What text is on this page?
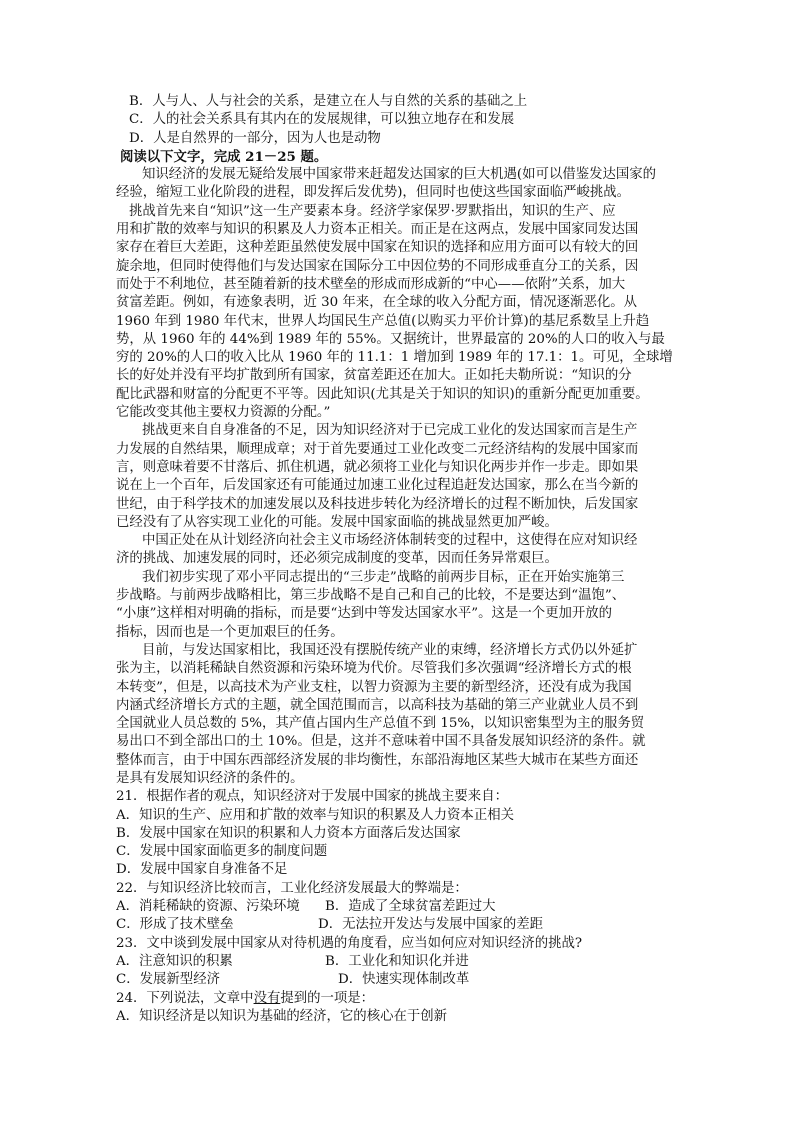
B．人与人、人与社会的关系，是建立在人与自然的关系的基础之上
C．人的社会关系具有其内在的发展规律，可以独立地存在和发展
D．人是自然界的一部分，因为人也是动物
阅读以下文字，完成 21－25 题。
知识经济的发展无疑给发展中国家带来赶超发达国家的巨大机遇(如可以借鉴发达国家的
经验，缩短工业化阶段的进程，即发挥后发优势)，但同时也使这些国家面临严峻挑战。
挑战首先来自“知识”这一生产要素本身。经济学家保罗·罗默指出，知识的生产、应
用和扩散的效率与知识的积累及人力资本正相关。而正是在这两点，发展中国家同发达国
家存在着巨大差距，这种差距虽然使发展中国家在知识的选择和应用方面可以有较大的回
旋余地，但同时使得他们与发达国家在国际分工中因位势的不同形成垂直分工的关系，因
而处于不利地位，甚至随着新的技术壁垒的形成而形成新的“中心——依附”关系，加大
贫富差距。例如，有迹象表明，近 30 年来，在全球的收入分配方面，情况逐渐恶化。从
1960 年到 1980 年代末，世界人均国民生产总值(以购买力平价计算)的基尼系数呈上升趋
势，从 1960 年的 44%到 1989 年的 55%。又据统计，世界最富的 20%的人口的收入与最
穷的 20%的人口的收入比从 1960 年的 11.1：1 增加到 1989 年的 17.1：1。可见，全球增
长的好处并没有平均扩散到所有国家，贫富差距还在加大。正如托夫勒所说：“知识的分
配比武器和财富的分配更不平等。因此知识(尤其是关于知识的知识)的重新分配更加重要。
它能改变其他主要权力资源的分配。”
挑战更来自自身准备的不足，因为知识经济对于已完成工业化的发达国家而言是生产
力发展的自然结果，顺理成章；对于首先要通过工业化改变二元经济结构的发展中国家而
言，则意味着要不甘落后、抓住机遇，就必须将工业化与知识化两步并作一步走。即如果
说在上一个百年，后发国家还有可能通过加速工业化过程追赶发达国家，那么在当今新的
世纪，由于科学技术的加速发展以及科技进步转化为经济增长的过程不断加快，后发国家
已经没有了从容实现工业化的可能。发展中国家面临的挑战显然更加严峻。
中国正处在从计划经济向社会主义市场经济体制转变的过程中，这使得在应对知识经
济的挑战、加速发展的同时，还必须完成制度的变革，因而任务异常艰巨。
我们初步实现了邓小平同志提出的“三步走”战略的前两步目标，正在开始实施第三
步战略。与前两步战略相比，第三步战略不是自己和自己的比较，不是要达到“温饱”、
“小康”这样相对明确的指标，而是要“达到中等发达国家水平”。这是一个更加开放的
指标，因而也是一个更加艰巨的任务。
目前，与发达国家相比，我国还没有摆脱传统产业的束缚，经济增长方式仍以外延扩
张为主，以消耗稀缺自然资源和污染环境为代价。尽管我们多次强调“经济增长方式的根
本转变”，但是，以高技术为产业支柱，以智力资源为主要的新型经济，还没有成为我国
内涵式经济增长方式的主题，就全国范围而言，以高科技为基础的第三产业就业人员不到
全国就业人员总数的 5%，其产值占国内生产总值不到 15%，以知识密集型为主的服务贸
易出口不到全部出口的土 10%。但是，这并不意味着中国不具备发展知识经济的条件。就
整体而言，由于中国东西部经济发展的非均衡性，东部沿海地区某些大城市在某些方面还
是具有发展知识经济的条件的。
21．根据作者的观点，知识经济对于发展中国家的挑战主要来自：
A．知识的生产、应用和扩散的效率与知识的积累及人力资本正相关
B．发展中国家在知识的积累和人力资本方面落后发达国家
C．发展中国家面临更多的制度问题
D．发展中国家自身准备不足
22．与知识经济比较而言，工业化经济发展最大的弊端是：
A．消耗稀缺的资源、污染环境	B．造成了全球贫富差距过大
C．形成了技术壁垒	D．无法拉开发达与发展中国家的差距
23．文中谈到发展中国家从对待机遇的角度看，应当如何应对知识经济的挑战?
A．注意知识的积累	B．工业化和知识化并进
C．发展新型经济	D．快速实现体制改革
24．下列说法，文章中没有提到的一项是：
A．知识经济是以知识为基础的经济，它的核心在于创新
